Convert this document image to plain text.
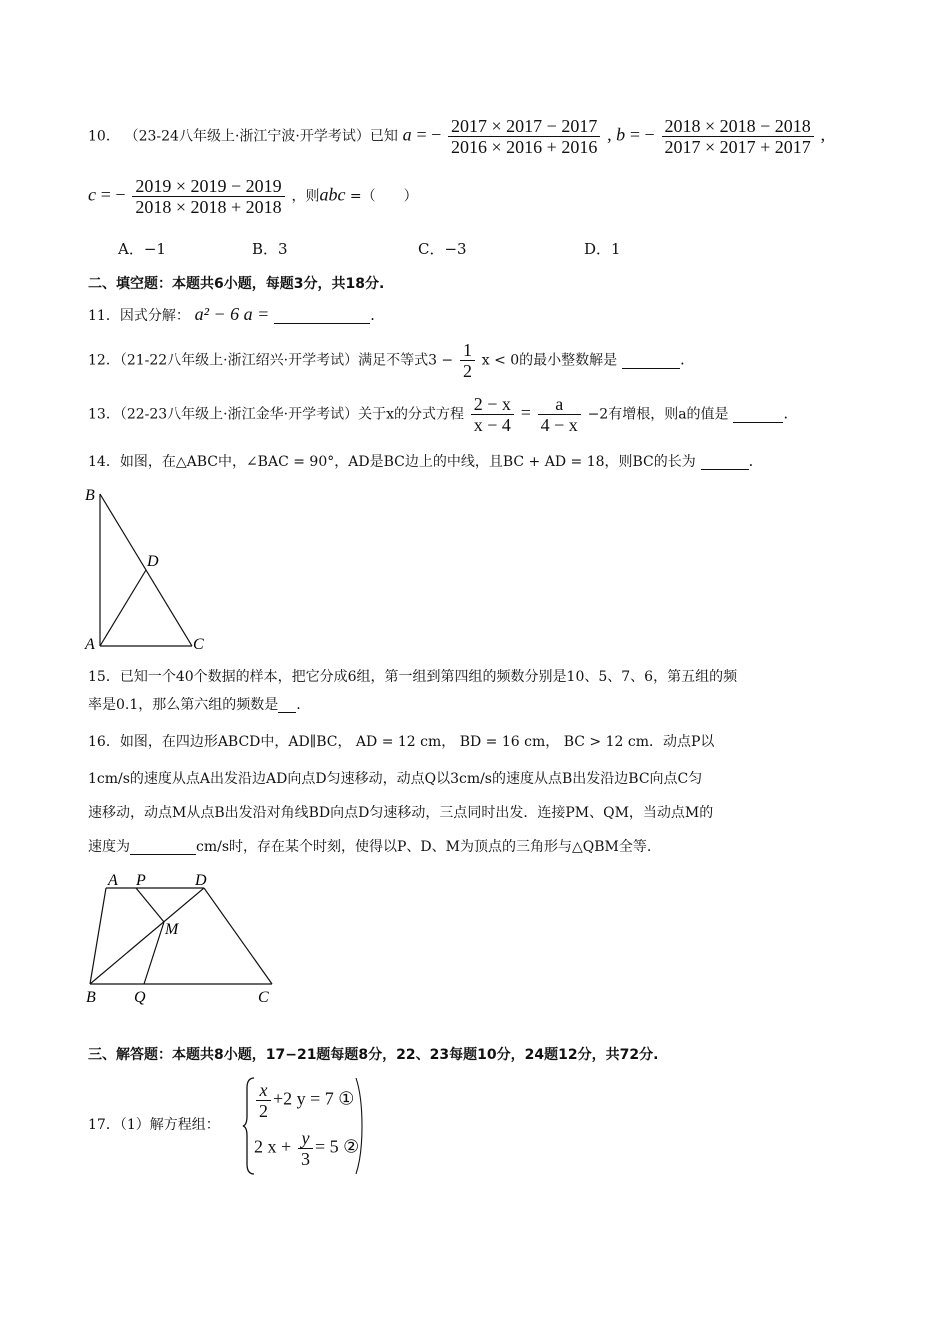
10． （23-24八年级上·浙江宁波·开学考试）已知 a = − $\frac{2017 \times 2017 - 2017}{2016 \times 2016 + 2016}$ , b = − $\frac{2018 \times 2018 - 2018}{2017 \times 2017 + 2017}$ ,
c = − $\frac{2019 \times 2019 - 2019}{2018 \times 2018 + 2018}$ ，则abc =（　　）
A．−1	B．3	C．−3	D．1
二、填空题：本题共6小题，每题3分，共18分.
11．因式分解： a² − 6 a =	.
12．（21-22八年级上·浙江绍兴·开学考试）满足不等式$3 - \frac{1}{2}$ x < 0的最小整数解是	.
13．（22-23八年级上·浙江金华·开学考试）关于x的分式方程 $\frac{2 - x}{x - 4} = \frac{a}{4 - x} -2$有增根，则a的值是	.
14．如图，在△ABC中，∠BAC = 90°，AD是BC边上的中线，且BC + AD = 18，则BC的长为	.
B
D
A	C
15．已知一个40个数据的样本，把它分成6组，第一组到第四组的频数分别是10、5、7、6，第五组的频
率是0.1，那么第六组的频数是 .
16．如图，在四边形ABCD中，AD∥BC， AD = 12 cm， BD = 16 cm， BC > 12 cm．动点P以
1cm/s的速度从点A出发沿边AD向点D匀速移动，动点Q以3cm/s的速度从点B出发沿边BC向点C匀
速移动，动点M从点B出发沿对角线BD向点D匀速移动，三点同时出发．连接PM、QM，当动点M的
速度为	cm/s时，存在某个时刻，使得以P、D、M为顶点的三角形与△QBM全等.
A P	D
M
B Q	C
三、解答题：本题共8小题，17−21题每题8分，22、23每题10分，24题12分，共72分.
17．（1）解方程组：
$\frac{x}{2} +2$ y = 7 ①
2 $x + \frac{y}{3} = 5$ ②
